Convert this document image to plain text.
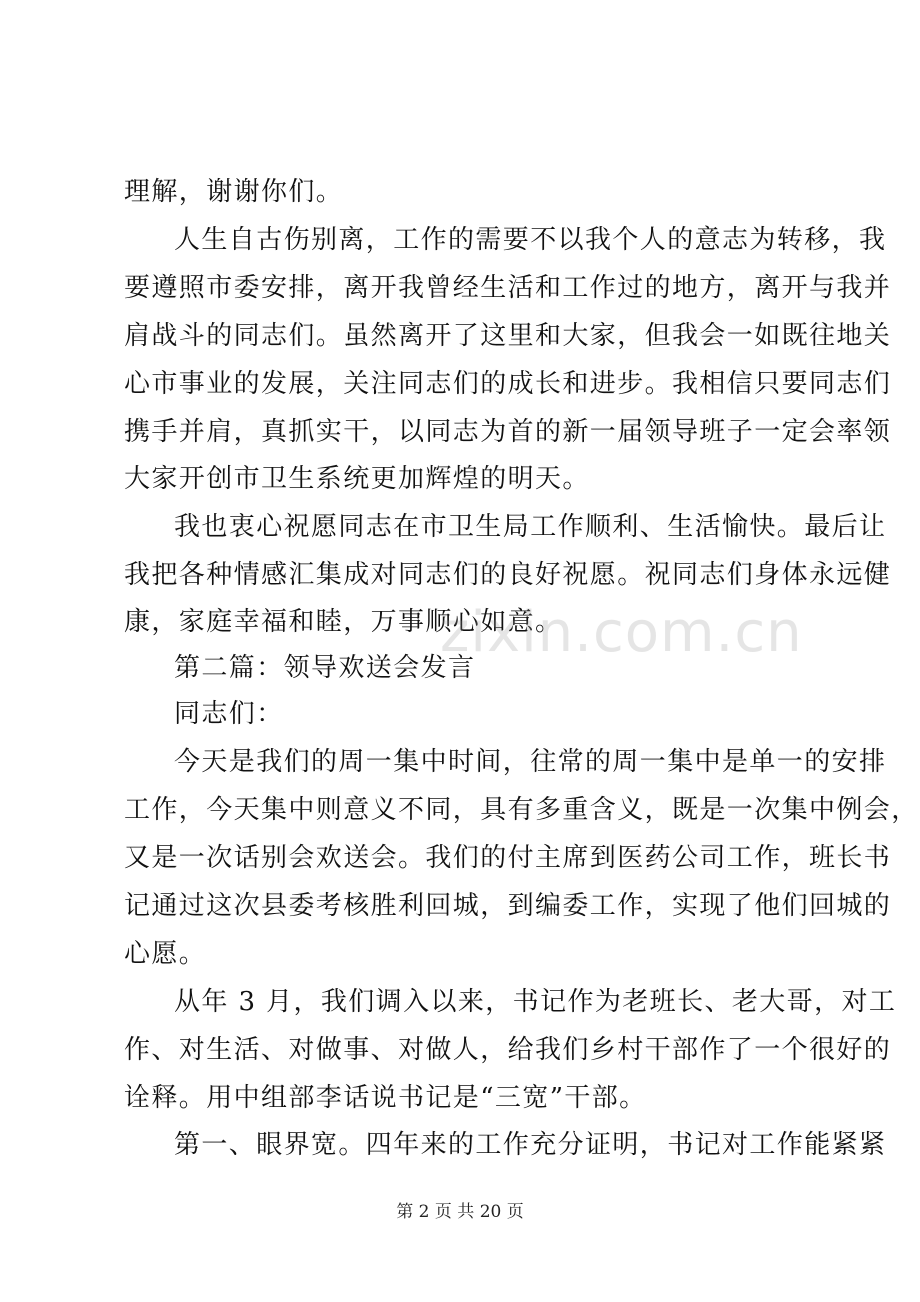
理解，谢谢你们。
人生自古伤别离，工作的需要不以我个人的意志为转移，我
要遵照市委安排，离开我曾经生活和工作过的地方，离开与我并
肩战斗的同志们。虽然离开了这里和大家，但我会一如既往地关
心市事业的发展，关注同志们的成长和进步。我相信只要同志们
携手并肩，真抓实干，以同志为首的新一届领导班子一定会率领
大家开创市卫生系统更加辉煌的明天。
我也衷心祝愿同志在市卫生局工作顺利、生活愉快。最后让
我把各种情感汇集成对同志们的良好祝愿。祝同志们身体永远健
康，家庭幸福和睦，万事顺心如意。
第二篇：领导欢送会发言
同志们：
今天是我们的周一集中时间，往常的周一集中是单一的安排
工作，今天集中则意义不同，具有多重含义，既是一次集中例会，
又是一次话别会欢送会。我们的付主席到医药公司工作，班长书
记通过这次县委考核胜利回城，到编委工作，实现了他们回城的
心愿。
从年 3 月，我们调入以来，书记作为老班长、老大哥，对工
作、对生活、对做事、对做人，给我们乡村干部作了一个很好的
诠释。用中组部李话说书记是“三宽”干部。
第一、眼界宽。四年来的工作充分证明，书记对工作能紧紧
zixin.com.cn
第 2 页 共 20 页
